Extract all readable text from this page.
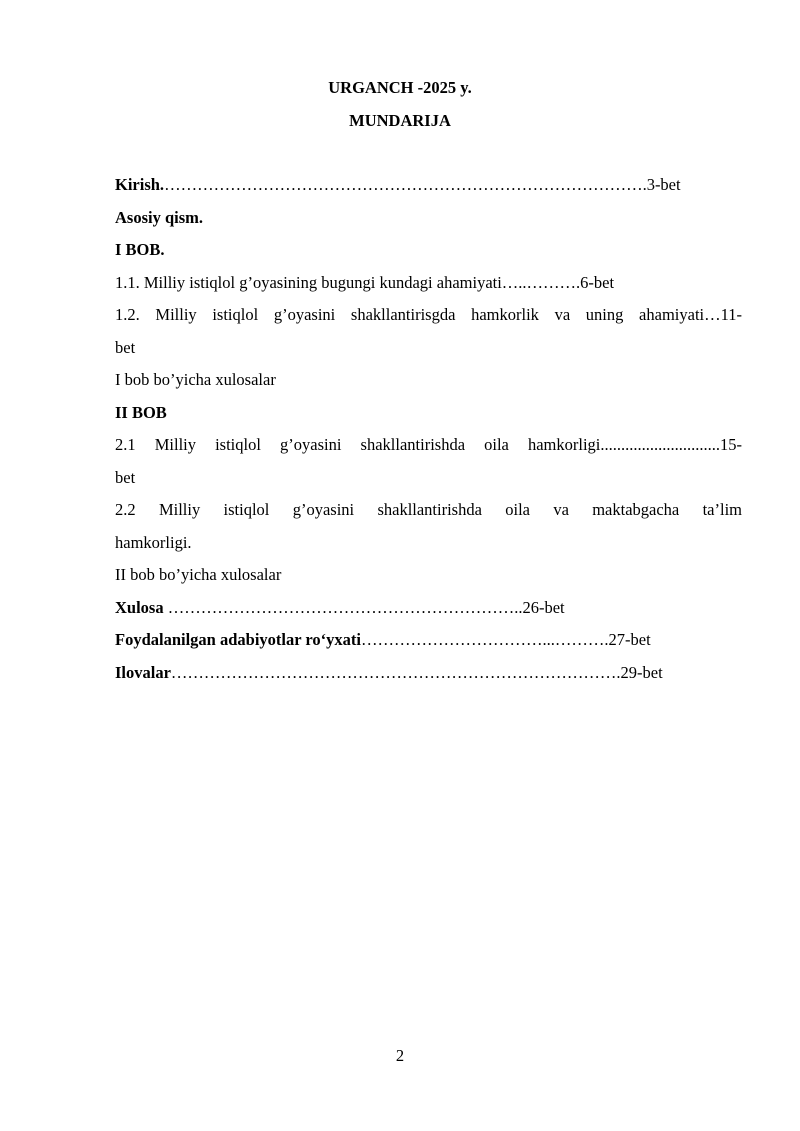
URGANCH -2025 y.
MUNDARIJA
Kirish.…………………………………………………………………………….3-bet
Asosiy qism.
I BOB.
1.1. Milliy istiqlol g’oyasining bugungi kundagi ahamiyati…..……….6-bet
1.2. Milliy istiqlol g’oyasini shakllantirisgda hamkorlik va uning ahamiyati…11-
bet
I bob bo’yicha xulosalar
II BOB
2.1 Milliy istiqlol g’oyasini shakllantirishda oila hamkorligi.............................15-
bet
2.2 Milliy istiqlol g’oyasini shakllantirishda oila va maktabgacha ta’lim
hamkorligi.
II bob bo’yicha xulosalar
Xulosa ………………………………………………………..26-bet
Foydalanilgan adabiyotlar ro‘yxati……………………………...……….27-bet
Ilovalar……………………………………………………………………….29-bet
2
